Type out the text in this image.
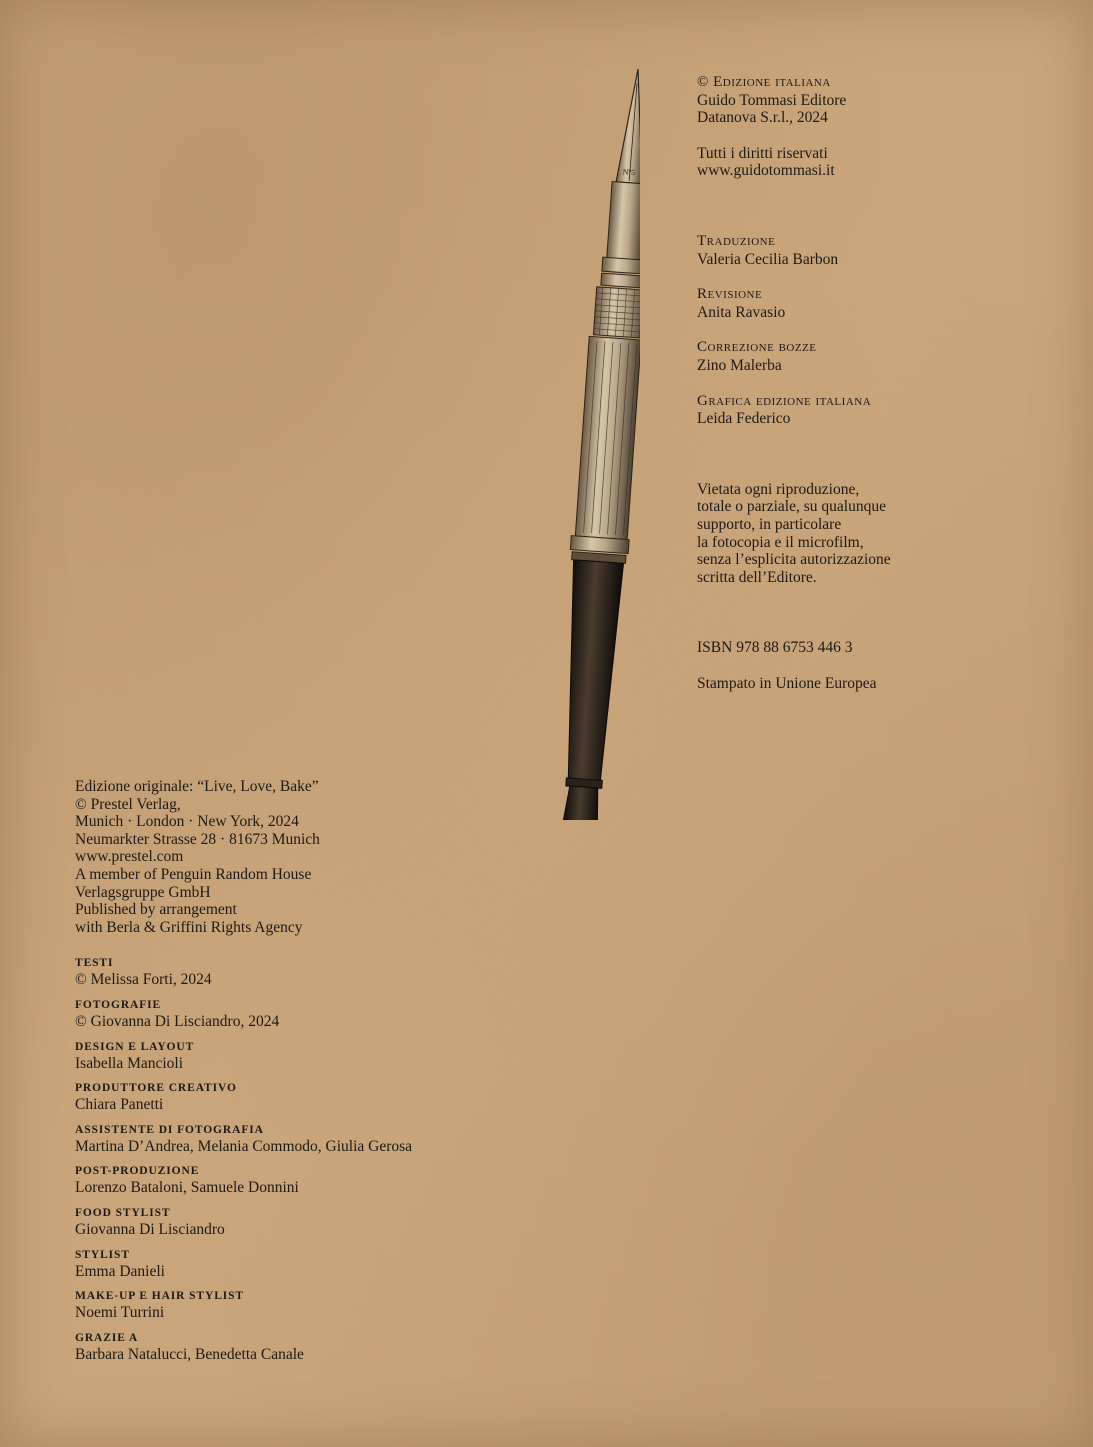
Nº5
© Edizione italiana
Guido Tommasi Editore
Datanova S.r.l., 2024
Tutti i diritti riservati
www.guidotommasi.it
Traduzione
Valeria Cecilia Barbon
Revisione
Anita Ravasio
Correzione bozze
Zino Malerba
Grafica edizione italiana
Leida Federico
Vietata ogni riproduzione,
totale o parziale, su qualunque
supporto, in particolare
la fotocopia e il microfilm,
senza l’esplicita autorizzazione
scritta dell’Editore.
ISBN 978 88 6753 446 3
Stampato in Unione Europea
Edizione originale: “Live, Love, Bake”
© Prestel Verlag,
Munich · London · New York, 2024
Neumarkter Strasse 28 · 81673 Munich
www.prestel.com
A member of Penguin Random House
Verlagsgruppe GmbH
Published by arrangement
with Berla & Griffini Rights Agency
TESTI
© Melissa Forti, 2024
FOTOGRAFIE
© Giovanna Di Lisciandro, 2024
DESIGN E LAYOUT
Isabella Mancioli
PRODUTTORE CREATIVO
Chiara Panetti
ASSISTENTE DI FOTOGRAFIA
Martina D’Andrea, Melania Commodo, Giulia Gerosa
POST-PRODUZIONE
Lorenzo Bataloni, Samuele Donnini
FOOD STYLIST
Giovanna Di Lisciandro
STYLIST
Emma Danieli
MAKE-UP E HAIR STYLIST
Noemi Turrini
GRAZIE A
Barbara Natalucci, Benedetta Canale
